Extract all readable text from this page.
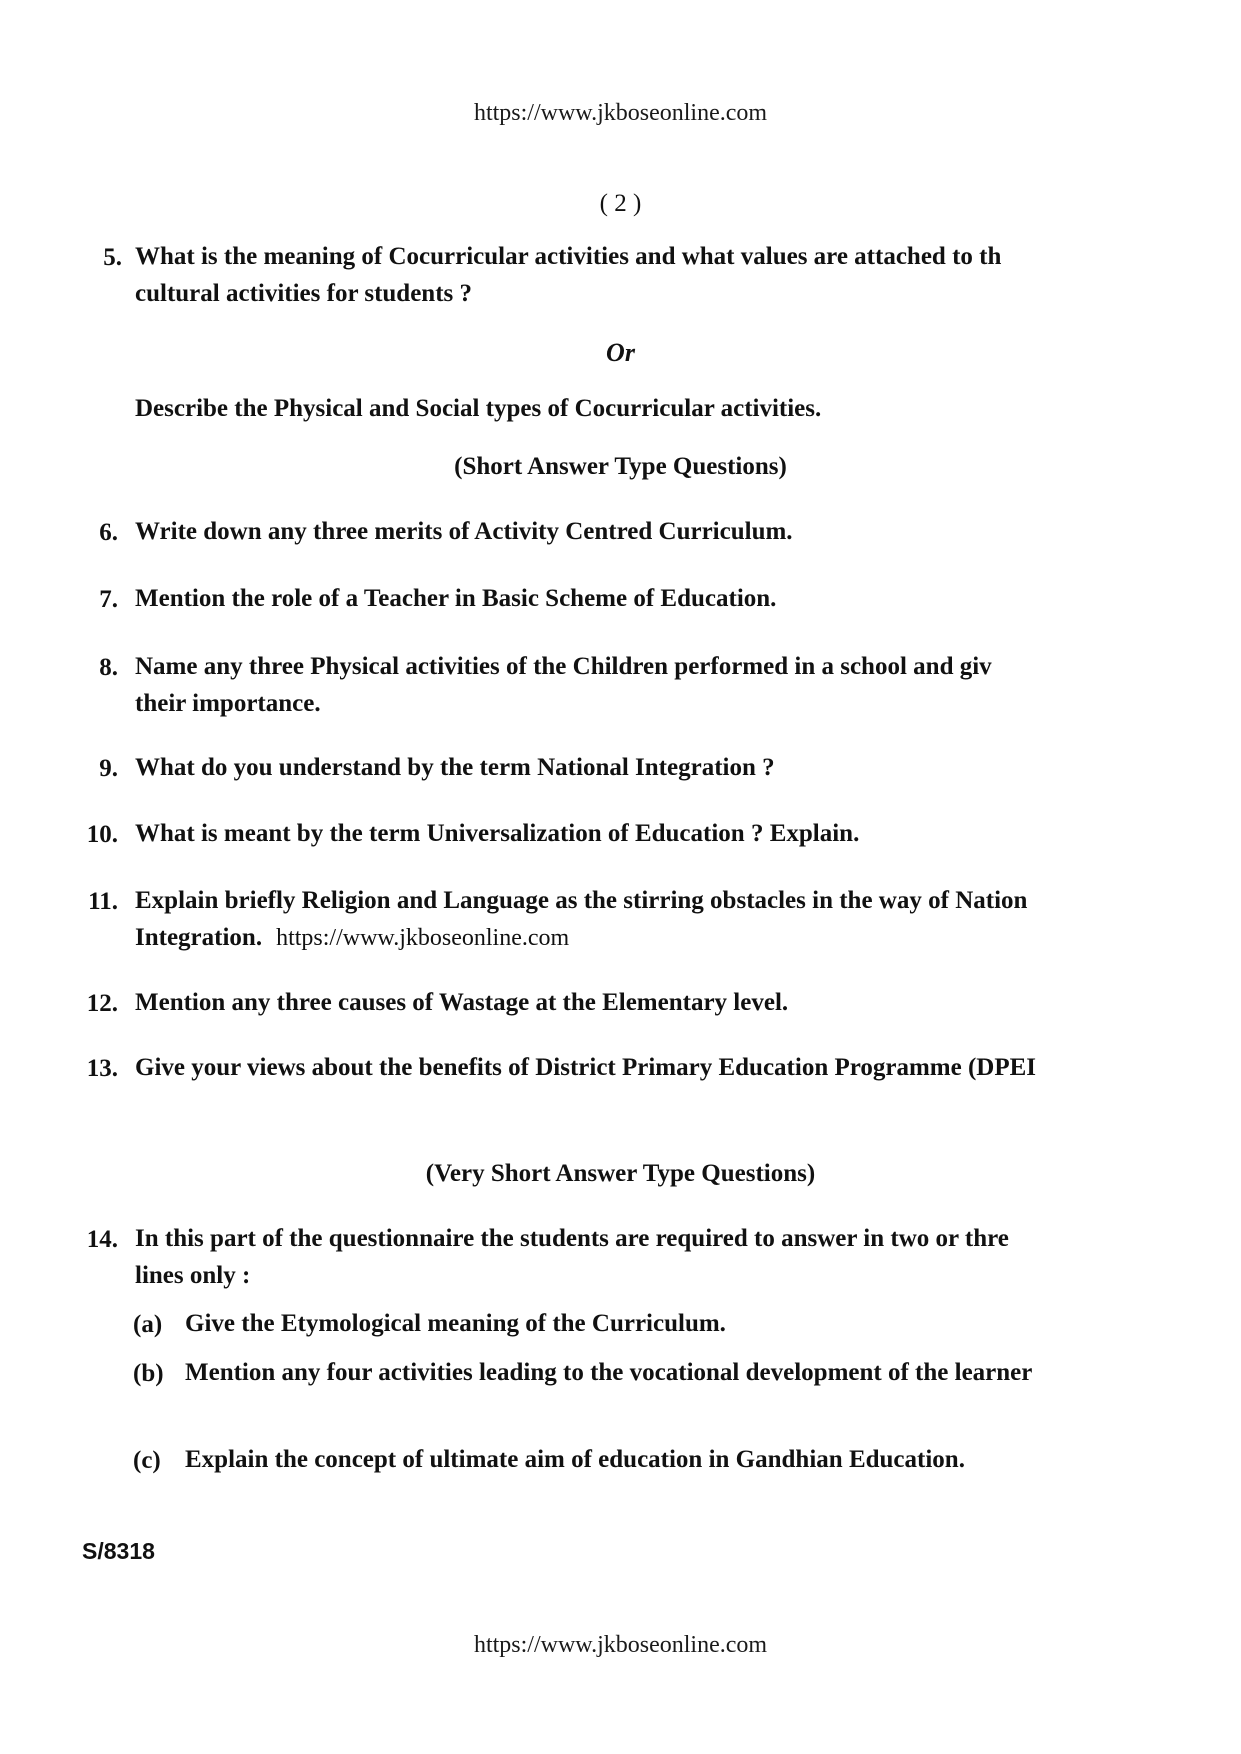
https://www.jkboseonline.com
( 2 )
5. What is the meaning of Cocurricular activities and what values are attached to th
cultural activities for students ?
Or
Describe the Physical and Social types of Cocurricular activities.
(Short Answer Type Questions)
6. Write down any three merits of Activity Centred Curriculum.
7. Mention the role of a Teacher in Basic Scheme of Education.
8. Name any three Physical activities of the Children performed in a school and giv
their importance.
9. What do you understand by the term National Integration ?
10. What is meant by the term Universalization of Education ? Explain.
11. Explain briefly Religion and Language as the stirring obstacles in the way of Nation
Integration. https://www.jkboseonline.com
12. Mention any three causes of Wastage at the Elementary level.
13. Give your views about the benefits of District Primary Education Programme (DPEI
(Very Short Answer Type Questions)
14. In this part of the questionnaire the students are required to answer in two or thre
lines only :
(a) Give the Etymological meaning of the Curriculum.
(b) Mention any four activities leading to the vocational development of the learner
(c) Explain the concept of ultimate aim of education in Gandhian Education.
S/8318
https://www.jkboseonline.com
